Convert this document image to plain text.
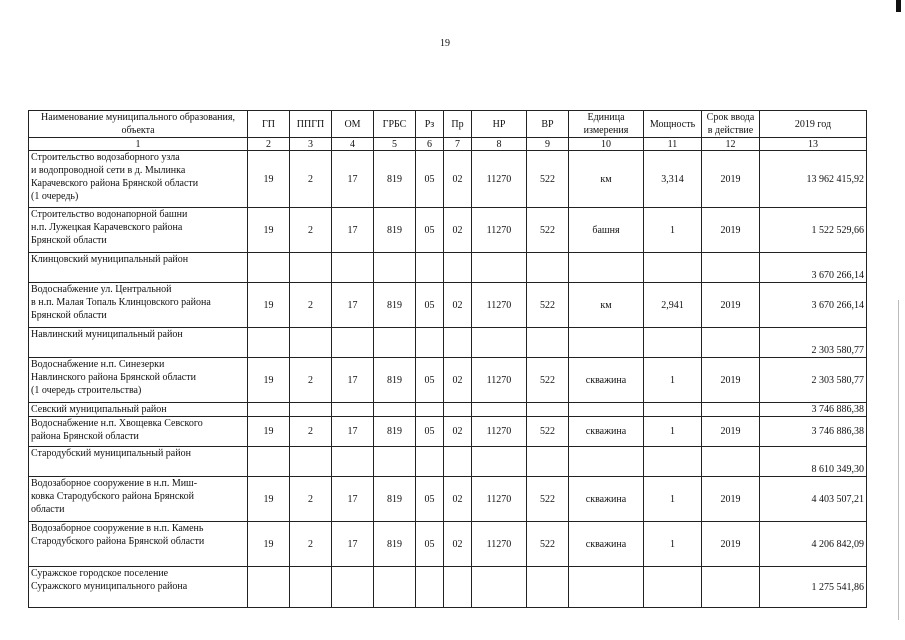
19
Наименование муниципального образования, объекта	ГП	ППГП	ОМ	ГРБС	Рз	Пр	НР	ВР	Единица измерения	Мощность	Срок ввода в действие	2019 год
1	2	3	4	5	6	7	8	9	10	11	12	13
Строительство водозаборного узла
и водопроводной сети в д. Мылинка
Карачевского района Брянской области
(1 очередь)	19	2	17	819	05	02	11270	522	км	3,314	2019	13 962 415,92
Строительство водонапорной башни
н.п. Лужецкая Карачевского района
Брянской области	19	2	17	819	05	02	11270	522	башня	1	2019	1 522 529,66
Клинцовский муниципальный район												3 670 266,14
Водоснабжение ул. Центральной
в н.п. Малая Топаль Клинцовского района
Брянской области	19	2	17	819	05	02	11270	522	км	2,941	2019	3 670 266,14
Навлинский муниципальный район												2 303 580,77
Водоснабжение н.п. Синезерки
Навлинского района Брянской области
(1 очередь строительства)	19	2	17	819	05	02	11270	522	скважина	1	2019	2 303 580,77
Севский муниципальный район												3 746 886,38
Водоснабжение н.п. Хвощевка Севского
района Брянской области	19	2	17	819	05	02	11270	522	скважина	1	2019	3 746 886,38
Стародубский муниципальный район												8 610 349,30
Водозаборное сооружение в н.п. Миш-
ковка Стародубского района Брянской
области	19	2	17	819	05	02	11270	522	скважина	1	2019	4 403 507,21
Водозаборное сооружение в н.п. Камень
Стародубского района Брянской области	19	2	17	819	05	02	11270	522	скважина	1	2019	4 206 842,09
Суражское городское поселение
Суражского муниципального района												1 275 541,86
